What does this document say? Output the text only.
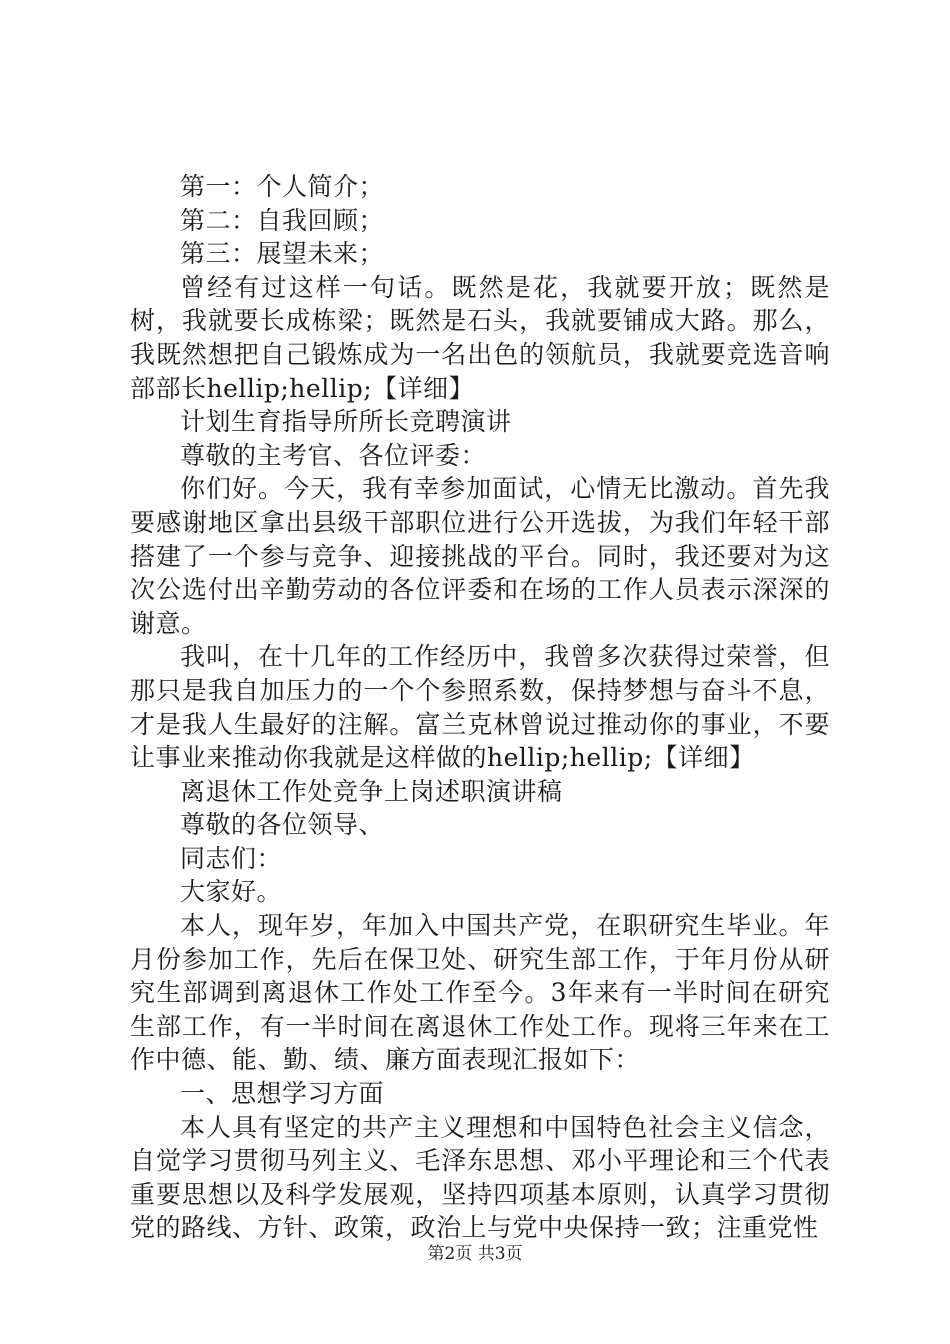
第一：个人简介；

第二：自我回顾；

第三：展望未来；

曾经有过这样一句话。既然是花，我就要开放；既然是树，我就要长成栋梁；既然是石头，我就要铺成大路。那么，我既然想把自己锻炼成为一名出色的领航员，我就要竞选音响部部长hellip;hellip;【详细】

计划生育指导所所长竞聘演讲

尊敬的主考官、各位评委：

你们好。今天，我有幸参加面试，心情无比激动。首先我要感谢地区拿出县级干部职位进行公开选拔，为我们年轻干部搭建了一个参与竞争、迎接挑战的平台。同时，我还要对为这次公选付出辛勤劳动的各位评委和在场的工作人员表示深深的谢意。

我叫，在十几年的工作经历中，我曾多次获得过荣誉，但那只是我自加压力的一个个参照系数，保持梦想与奋斗不息，才是我人生最好的注解。富兰克林曾说过推动你的事业，不要让事业来推动你我就是这样做的hellip;hellip;【详细】

离退休工作处竞争上岗述职演讲稿

尊敬的各位领导、

同志们：

大家好。

本人，现年岁，年加入中国共产党，在职研究生毕业。年月份参加工作，先后在保卫处、研究生部工作，于年月份从研究生部调到离退休工作处工作至今。3年来有一半时间在研究生部工作，有一半时间在离退休工作处工作。现将三年来在工作中德、能、勤、绩、廉方面表现汇报如下：

一、思想学习方面

本人具有坚定的共产主义理想和中国特色社会主义信念，自觉学习贯彻马列主义、毛泽东思想、邓小平理论和三个代表重要思想以及科学发展观，坚持四项基本原则，认真学习贯彻党的路线、方针、政策，政治上与党中央保持一致；注重党性

第2页 共3页
